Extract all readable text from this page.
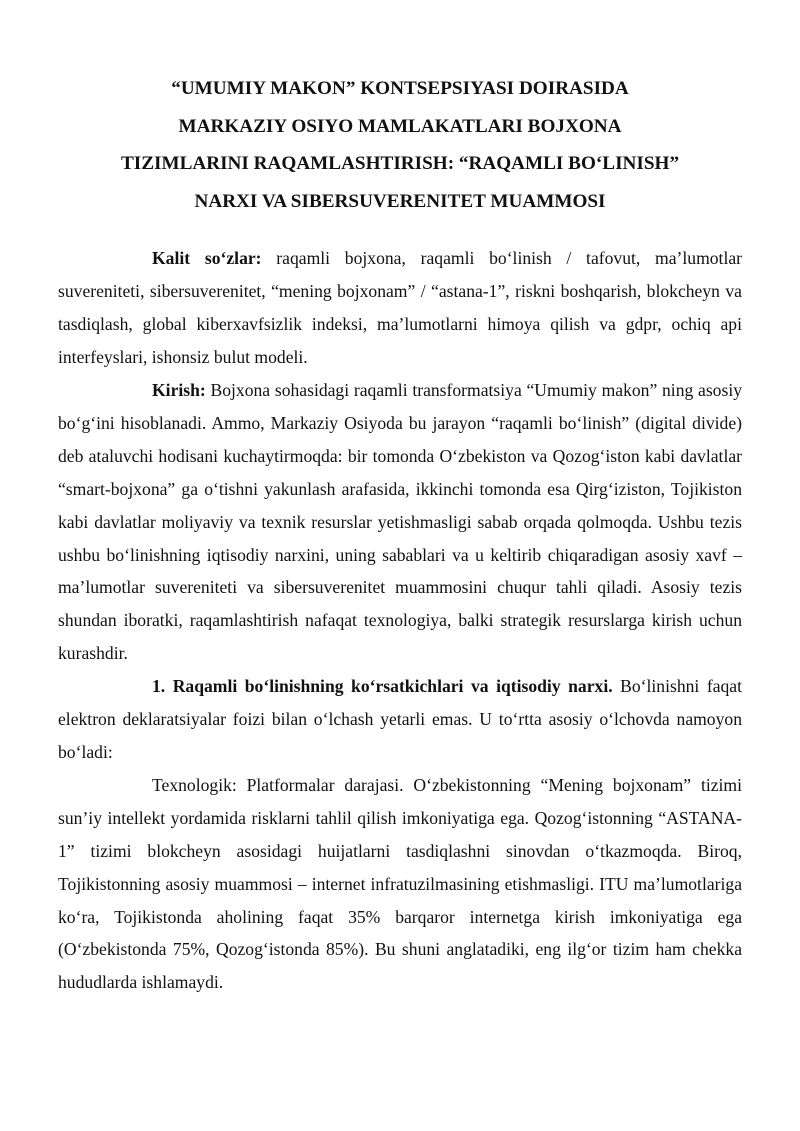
“UMUMIY MAKON” KONTSEPSIYASI DOIRASIDA
MARKAZIY OSIYO MAMLAKATLARI BOJXONA
TIZIMLARINI RAQAMLASHTIRISH: “RAQAMLI BO‘LINISH”
NARXI VA SIBERSUVERENITET MUAMMOSI

Kalit so‘zlar: raqamli bojxona, raqamli bo‘linish / tafovut, ma’lumotlar suvereniteti, sibersuverenitet, “mening bojxonam” / “astana-1”, riskni boshqarish, blokcheyn va tasdiqlash, global kiberxavfsizlik indeksi, ma’lumotlarni himoya qilish va gdpr, ochiq api interfeyslari, ishonsiz bulut modeli.

Kirish: Bojxona sohasidagi raqamli transformatsiya “Umumiy makon” ning asosiy bo‘g‘ini hisoblanadi. Ammo, Markaziy Osiyoda bu jarayon “raqamli bo‘linish” (digital divide) deb ataluvchi hodisani kuchaytirmoqda: bir tomonda O‘zbekiston va Qozog‘iston kabi davlatlar “smart-bojxona” ga o‘tishni yakunlash arafasida, ikkinchi tomonda esa Qirg‘iziston, Tojikiston kabi davlatlar moliyaviy va texnik resurslar yetishmasligi sabab orqada qolmoqda. Ushbu tezis ushbu bo‘linishning iqtisodiy narxini, uning sabablari va u keltirib chiqaradigan asosiy xavf – ma’lumotlar suvereniteti va sibersuverenitet muammosini chuqur tahli qiladi. Asosiy tezis shundan iboratki, raqamlashtirish nafaqat texnologiya, balki strategik resurslarga kirish uchun kurashdir.

1. Raqamli bo‘linishning ko‘rsatkichlari va iqtisodiy narxi. Bo‘linishni faqat elektron deklaratsiyalar foizi bilan o‘lchash yetarli emas. U to‘rtta asosiy o‘lchovda namoyon bo‘ladi:

Texnologik: Platformalar darajasi. O‘zbekistonning “Mening bojxonam” tizimi sun’iy intellekt yordamida risklarni tahlil qilish imkoniyatiga ega. Qozog‘istonning “ASTANA-1” tizimi blokcheyn asosidagi huijatlarni tasdiqlashni sinovdan o‘tkazmoqda. Biroq, Tojikistonning asosiy muammosi – internet infratuzilmasining etishmasligi. ITU ma’lumotlariga ko‘ra, Tojikistonda aholining faqat 35% barqaror internetga kirish imkoniyatiga ega (O‘zbekistonda 75%, Qozog‘istonda 85%). Bu shuni anglatadiki, eng ilg‘or tizim ham chekka hududlarda ishlamaydi.
